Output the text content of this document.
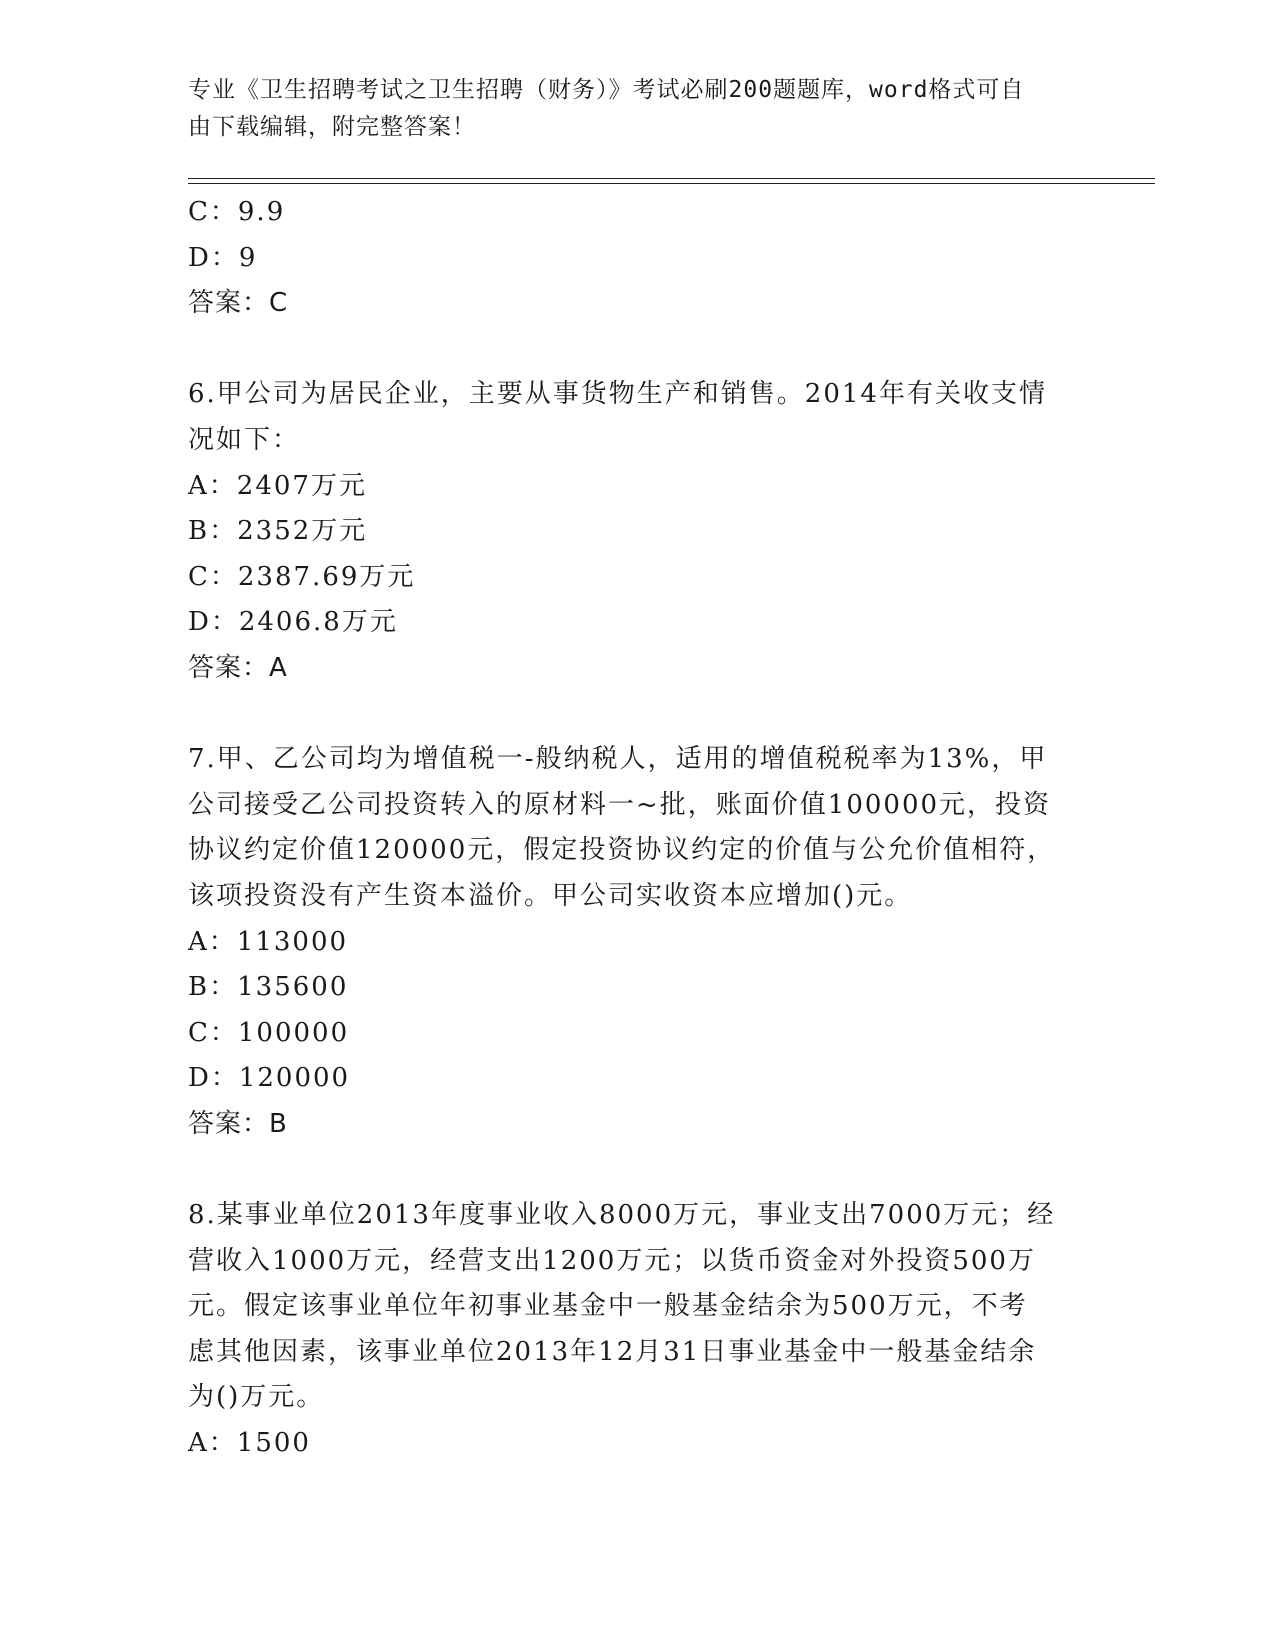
专业《卫生招聘考试之卫生招聘（财务）》考试必刷200题题库，word格式可自
由下载编辑，附完整答案！
C：9.9
D：9
答案：C
6.甲公司为居民企业，主要从事货物生产和销售。2014年有关收支情
况如下：
A：2407万元
B：2352万元
C：2387.69万元
D：2406.8万元
答案：A
7.甲、乙公司均为增值税一-般纳税人，适用的增值税税率为13%，甲
公司接受乙公司投资转入的原材料一~批，账面价值100000元，投资
协议约定价值120000元，假定投资协议约定的价值与公允价值相符，
该项投资没有产生资本溢价。甲公司实收资本应增加()元。
A：113000
B：135600
C：100000
D：120000
答案：B
8.某事业单位2013年度事业收入8000万元，事业支出7000万元；经
营收入1000万元，经营支出1200万元；以货币资金对外投资500万
元。假定该事业单位年初事业基金中一般基金结余为500万元，不考
虑其他因素，该事业单位2013年12月31日事业基金中一般基金结余
为()万元。
A：1500
